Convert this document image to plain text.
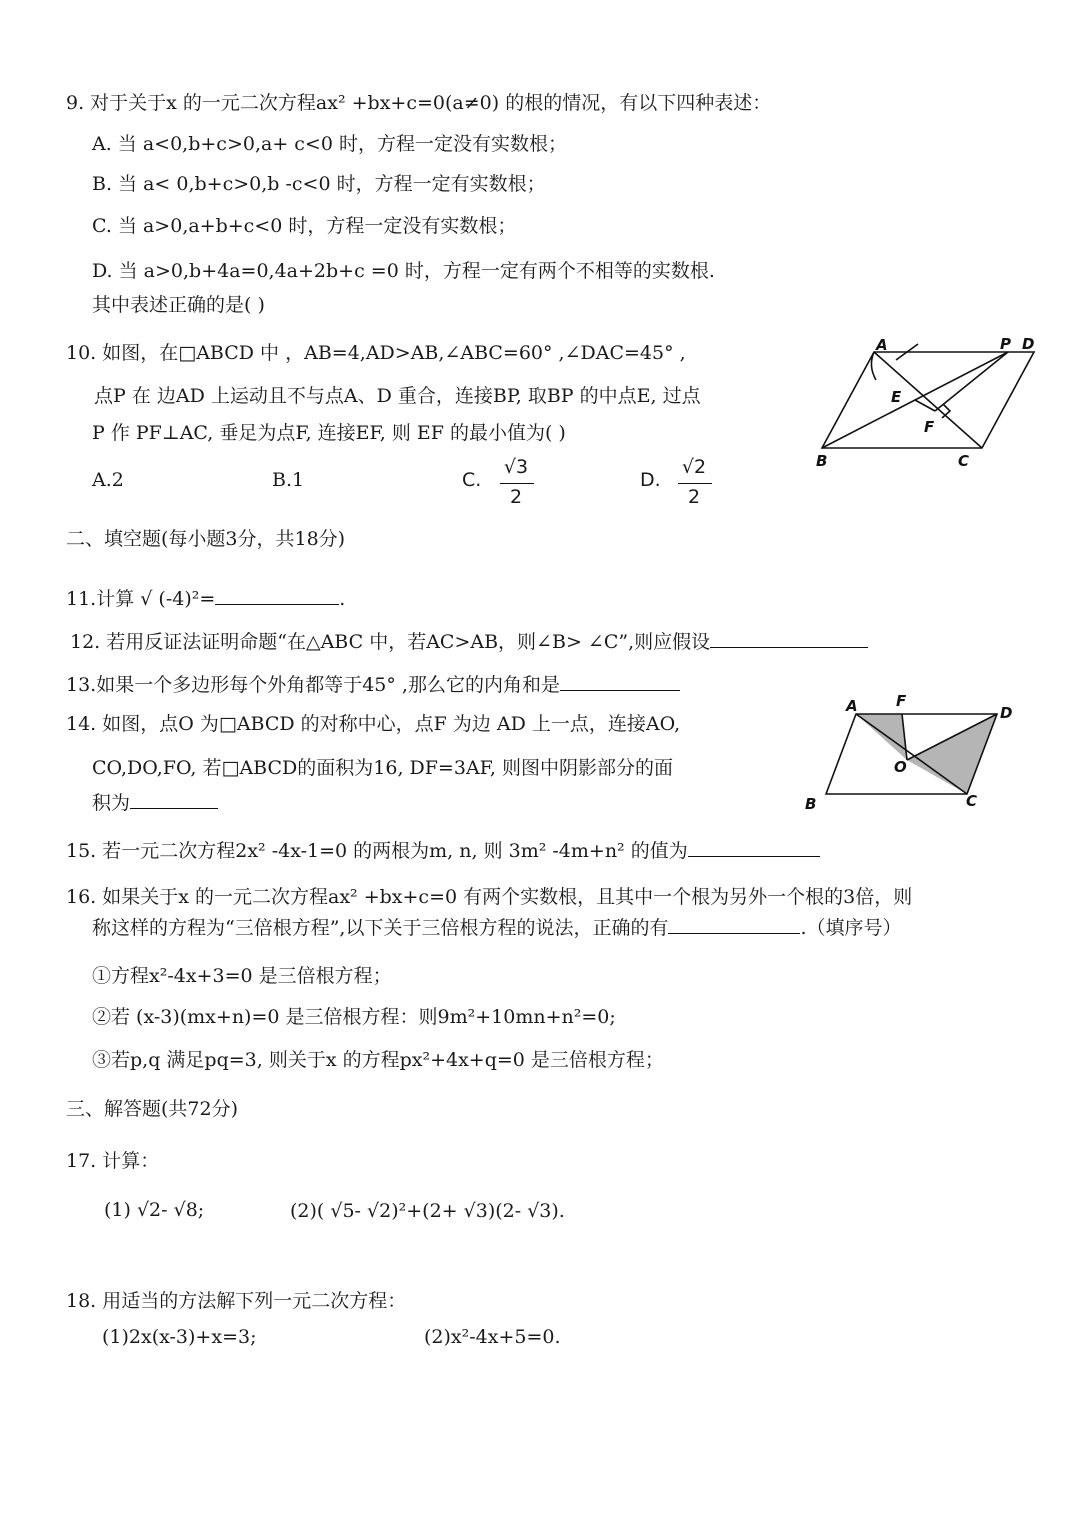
9. 对于关于x 的一元二次方程ax² +bx+c=0(a≠0) 的根的情况，有以下四种表述：
A. 当 a<0,b+c>0,a+ c<0 时，方程一定没有实数根；
B. 当 a< 0,b+c>0,b -c<0 时，方程一定有实数根；
C. 当 a>0,a+b+c<0 时，方程一定没有实数根；
D. 当 a>0,b+4a=0,4a+2b+c =0 时，方程一定有两个不相等的实数根.
其中表述正确的是( )
10. 如图，在□ABCD 中 ，AB=4,AD>AB,∠ABC=60° ,∠DAC=45° ,
点P 在 边AD 上运动且不与点A、D 重合，连接BP, 取BP 的中点E, 过点
P 作 PF⊥AC, 垂足为点F, 连接EF, 则 EF 的最小值为( )
A.2	B.1	C.
√3
2
D.
√2
2
A	P D
E
F
B	C
二、填空题(每小题3分，共18分)
11.计算 √ (-4)²=	.
12. 若用反证法证明命题“在△ABC 中，若AC>AB，则∠B> ∠C”,则应假设
13.如果一个多边形每个外角都等于45° ,那么它的内角和是
14. 如图，点O 为□ABCD 的对称中心，点F 为边 AD 上一点，连接AO,
CO,DO,FO, 若□ABCD的面积为16, DF=3AF, 则图中阴影部分的面
积为
A	F
D
O
B	C
15. 若一元二次方程2x² -4x-1=0 的两根为m, n, 则 3m² -4m+n² 的值为
16. 如果关于x 的一元二次方程ax² +bx+c=0 有两个实数根，且其中一个根为另外一个根的3倍，则
称这样的方程为“三倍根方程”,以下关于三倍根方程的说法，正确的有	.（填序号）
①方程x²-4x+3=0 是三倍根方程；
②若 (x-3)(mx+n)=0 是三倍根方程：则9m²+10mn+n²=0;
③若p,q 满足pq=3, 则关于x 的方程px²+4x+q=0 是三倍根方程；
三、解答题(共72分)
17. 计算：
(1) √2- √8;	(2)( √5- √2)²+(2+ √3)(2- √3).
18. 用适当的方法解下列一元二次方程：
(1)2x(x-3)+x=3;	(2)x²-4x+5=0.
